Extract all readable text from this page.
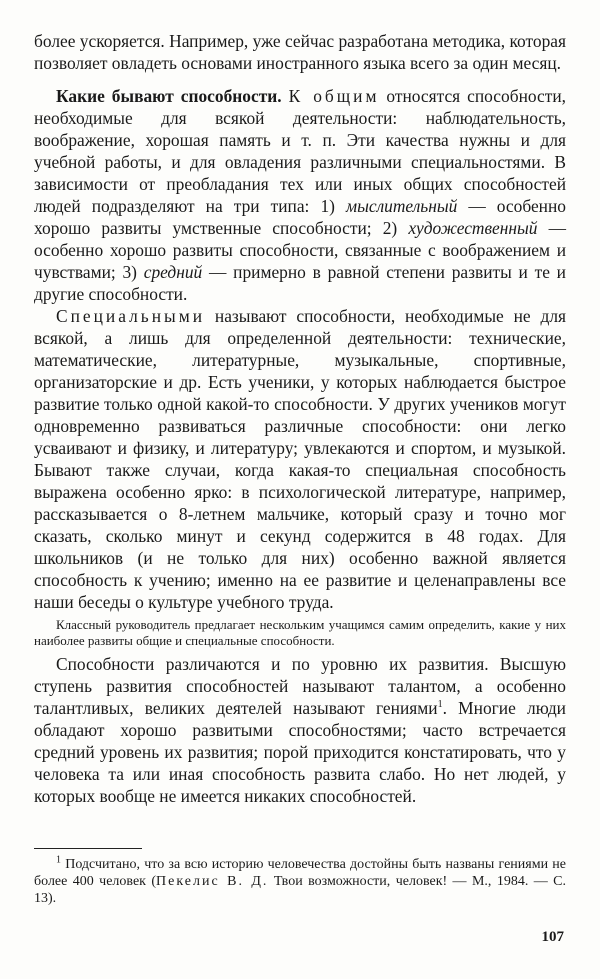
более ускоряется. Например, уже сейчас разработана методика, которая позволяет овладеть основами иностранного языка всего за один месяц.

Какие бывают способности. К общим относятся способности, необходимые для всякой деятельности: наблюдательность, воображение, хорошая память и т. п. Эти качества нужны и для учебной работы, и для овладения различными специальностями. В зависимости от преобладания тех или иных общих способностей людей подразделяют на три типа: 1) мыслительный — особенно хорошо развиты умственные способности; 2) художественный — особенно хорошо развиты способности, связанные с воображением и чувствами; 3) средний — примерно в равной степени развиты и те и другие способности.

Специальными называют способности, необходимые не для всякой, а лишь для определенной деятельности: технические, математические, литературные, музыкальные, спортивные, организаторские и др. Есть ученики, у которых наблюдается быстрое развитие только одной какой-то способности. У других учеников могут одновременно развиваться различные способности: они легко усваивают и физику, и литературу; увлекаются и спортом, и музыкой. Бывают также случаи, когда какая-то специальная способность выражена особенно ярко: в психологической литературе, например, рассказывается о 8-летнем мальчике, который сразу и точно мог сказать, сколько минут и секунд содержится в 48 годах. Для школьников (и не только для них) особенно важной является способность к учению; именно на ее развитие и целенаправлены все наши беседы о культуре учебного труда.

Классный руководитель предлагает нескольким учащимся самим определить, какие у них наиболее развиты общие и специальные способности.

Способности различаются и по уровню их развития. Высшую ступень развития способностей называют талантом, а особенно талантливых, великих деятелей называют гениями$^1$. Многие люди обладают хорошо развитыми способностями; часто встречается средний уровень их развития; порой приходится констатировать, что у человека та или иная способность развита слабо. Но нет людей, у которых вообще не имеется никаких способностей.

$^1$ Подсчитано, что за всю историю человечества достойны быть названы гениями не более 400 человек (Пекелис В. Д. Твои возможности, человек! — М., 1984. — С. 13).

107
